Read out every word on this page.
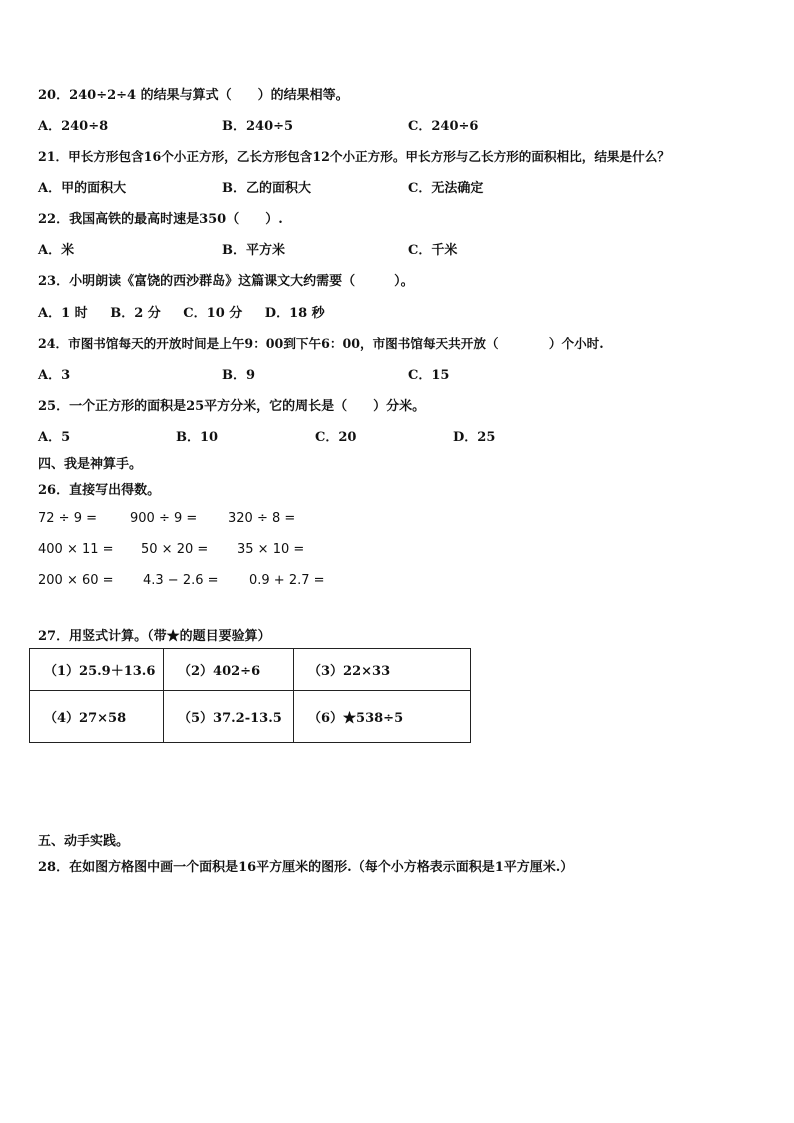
20．240÷2÷4 的结果与算式（　　）的结果相等。
A．240÷8	B．240÷5	C．240÷6
21．甲长方形包含16个小正方形，乙长方形包含12个小正方形。甲长方形与乙长方形的面积相比，结果是什么？
A．甲的面积大	B．乙的面积大	C．无法确定
22．我国高铁的最高时速是350（　　）.
A．米	B．平方米	C．千米
23．小明朗读《富饶的西沙群岛》这篇课文大约需要（　　　）。
A．1 时 B．2 分 C．10 分 D．18 秒
24．市图书馆每天的开放时间是上午9：00到下午6：00，市图书馆每天共开放（　　　　）个小时.
A．3	B．9	C．15
25．一个正方形的面积是25平方分米，它的周长是（　　）分米。
A．5	B．10	C．20	D．25
四、我是神算手。
26．直接写出得数。
72 ÷ 9 =	900 ÷ 9 = 320 ÷ 8 =
400 × 11 = 50 × 20 = 35 × 10 =
200 × 60 = 4.3 − 2.6 = 0.9 + 2.7 =
27．用竖式计算。（带★的题目要验算）
（1）25.9＋13.6	（2）402÷6	（3）22×33
（4）27×58	（5）37.2-13.5	（6）★538÷5
五、动手实践。
28．在如图方格图中画一个面积是16平方厘米的图形.（每个小方格表示面积是1平方厘米.）
